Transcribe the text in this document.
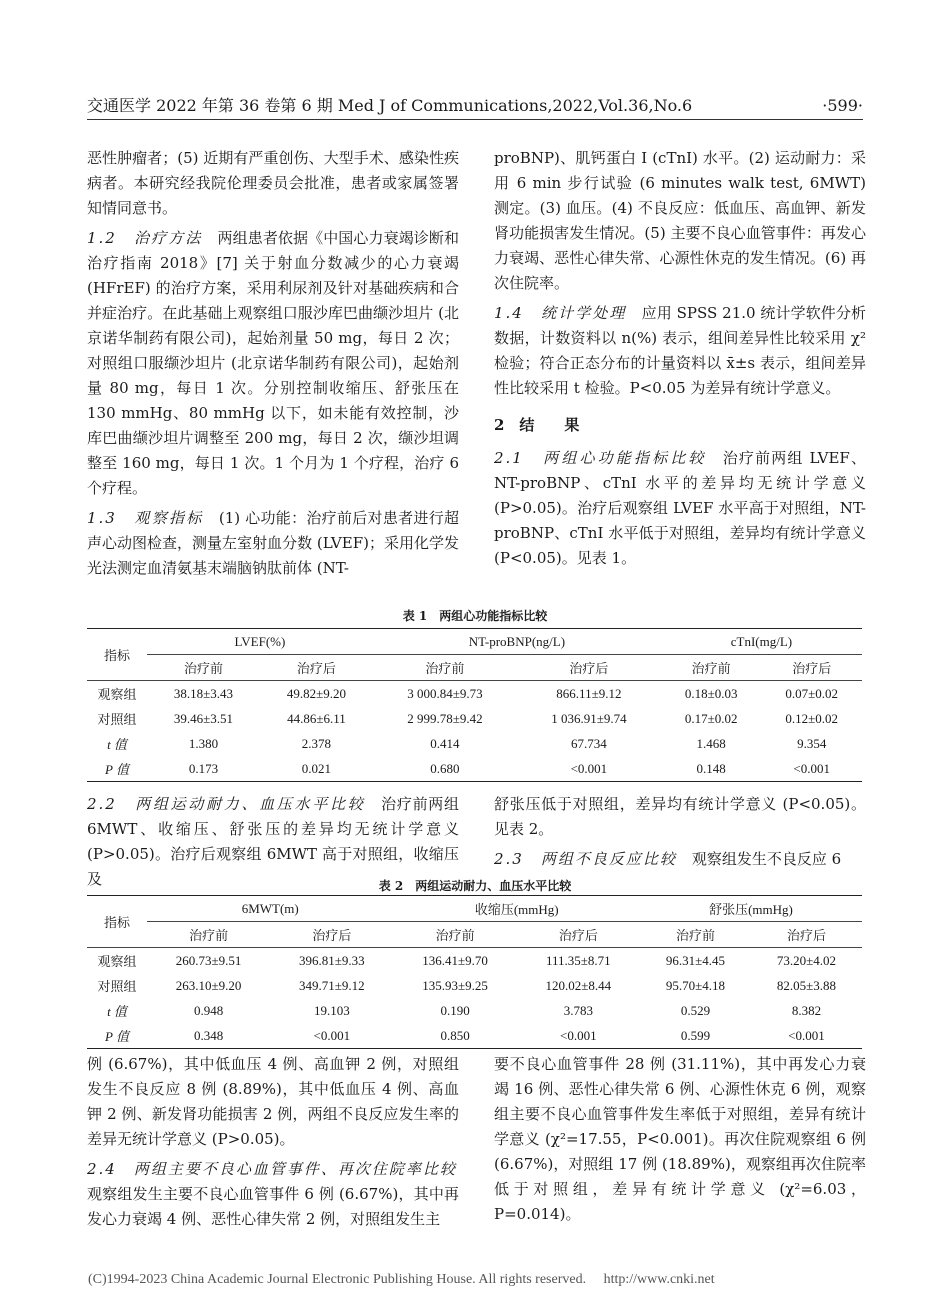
交通医学 2022 年第 36 卷第 6 期 Med J of Communications,2022,Vol.36,No.6	·599·

恶性肿瘤者；(5) 近期有严重创伤、大型手术、感染性疾病者。本研究经我院伦理委员会批准，患者或家属签署知情同意书。

1.2　治疗方法　两组患者依据《中国心力衰竭诊断和治疗指南 2018》[7] 关于射血分数减少的心力衰竭 (HFrEF) 的治疗方案，采用利尿剂及针对基础疾病和合并症治疗。在此基础上观察组口服沙库巴曲缬沙坦片 (北京诺华制药有限公司)，起始剂量 50 mg，每日 2 次；对照组口服缬沙坦片 (北京诺华制药有限公司)，起始剂量 80 mg，每日 1 次。分别控制收缩压、舒张压在 130 mmHg、80 mmHg 以下，如未能有效控制，沙库巴曲缬沙坦片调整至 200 mg，每日 2 次，缬沙坦调整至 160 mg，每日 1 次。1 个月为 1 个疗程，治疗 6 个疗程。

1.3　观察指标　(1) 心功能：治疗前后对患者进行超声心动图检查，测量左室射血分数 (LVEF)；采用化学发光法测定血清氨基末端脑钠肽前体 (NT-

proBNP)、肌钙蛋白 I (cTnI) 水平。(2) 运动耐力：采用 6 min 步行试验 (6 minutes walk test, 6MWT) 测定。(3) 血压。(4) 不良反应：低血压、高血钾、新发肾功能损害发生情况。(5) 主要不良心血管事件：再发心力衰竭、恶性心律失常、心源性休克的发生情况。(6) 再次住院率。

1.4　统计学处理　应用 SPSS 21.0 统计学软件分析数据，计数资料以 n(%) 表示，组间差异性比较采用 χ² 检验；符合正态分布的计量资料以 x̄±s 表示，组间差异性比较采用 t 检验。P<0.05 为差异有统计学意义。

2　结　　果

2.1　两组心功能指标比较　治疗前两组 LVEF、NT-proBNP、cTnI 水平的差异均无统计学意义 (P>0.05)。治疗后观察组 LVEF 水平高于对照组，NT-proBNP、cTnI 水平低于对照组，差异均有统计学意义 (P<0.05)。见表 1。

表 1　两组心功能指标比较
指标	LVEF(%)		NT-proBNP(ng/L)		cTnI(mg/L)	
	治疗前	治疗后	治疗前	治疗后	治疗前	治疗后
观察组	38.18±3.43	49.82±9.20	3 000.84±9.73	866.11±9.12	0.18±0.03	0.07±0.02
对照组	39.46±3.51	44.86±6.11	2 999.78±9.42	1 036.91±9.74	0.17±0.02	0.12±0.02
t 值	1.380	2.378	0.414	67.734	1.468	9.354
P 值	0.173	0.021	0.680	<0.001	0.148	<0.001

2.2　两组运动耐力、血压水平比较　治疗前两组 6MWT、收缩压、舒张压的差异均无统计学意义 (P>0.05)。治疗后观察组 6MWT 高于对照组，收缩压及

舒张压低于对照组，差异均有统计学意义 (P<0.05)。见表 2。

2.3　两组不良反应比较　观察组发生不良反应 6

表 2　两组运动耐力、血压水平比较
指标	6MWT(m)		收缩压(mmHg)		舒张压(mmHg)	
	治疗前	治疗后	治疗前	治疗后	治疗前	治疗后
观察组	260.73±9.51	396.81±9.33	136.41±9.70	111.35±8.71	96.31±4.45	73.20±4.02
对照组	263.10±9.20	349.71±9.12	135.93±9.25	120.02±8.44	95.70±4.18	82.05±3.88
t 值	0.948	19.103	0.190	3.783	0.529	8.382
P 值	0.348	<0.001	0.850	<0.001	0.599	<0.001

例 (6.67%)，其中低血压 4 例、高血钾 2 例，对照组发生不良反应 8 例 (8.89%)，其中低血压 4 例、高血钾 2 例、新发肾功能损害 2 例，两组不良反应发生率的差异无统计学意义 (P>0.05)。

2.4　两组主要不良心血管事件、再次住院率比较　观察组发生主要不良心血管事件 6 例 (6.67%)，其中再发心力衰竭 4 例、恶性心律失常 2 例，对照组发生主

要不良心血管事件 28 例 (31.11%)，其中再发心力衰竭 16 例、恶性心律失常 6 例、心源性休克 6 例，观察组主要不良心血管事件发生率低于对照组，差异有统计学意义 (χ²=17.55，P<0.001)。再次住院观察组 6 例 (6.67%)，对照组 17 例 (18.89%)，观察组再次住院率低于对照组，差异有统计学意义 (χ²=6.03，P=0.014)。

(C)1994-2023 China Academic Journal Electronic Publishing House. All rights reserved.　 http://www.cnki.net
